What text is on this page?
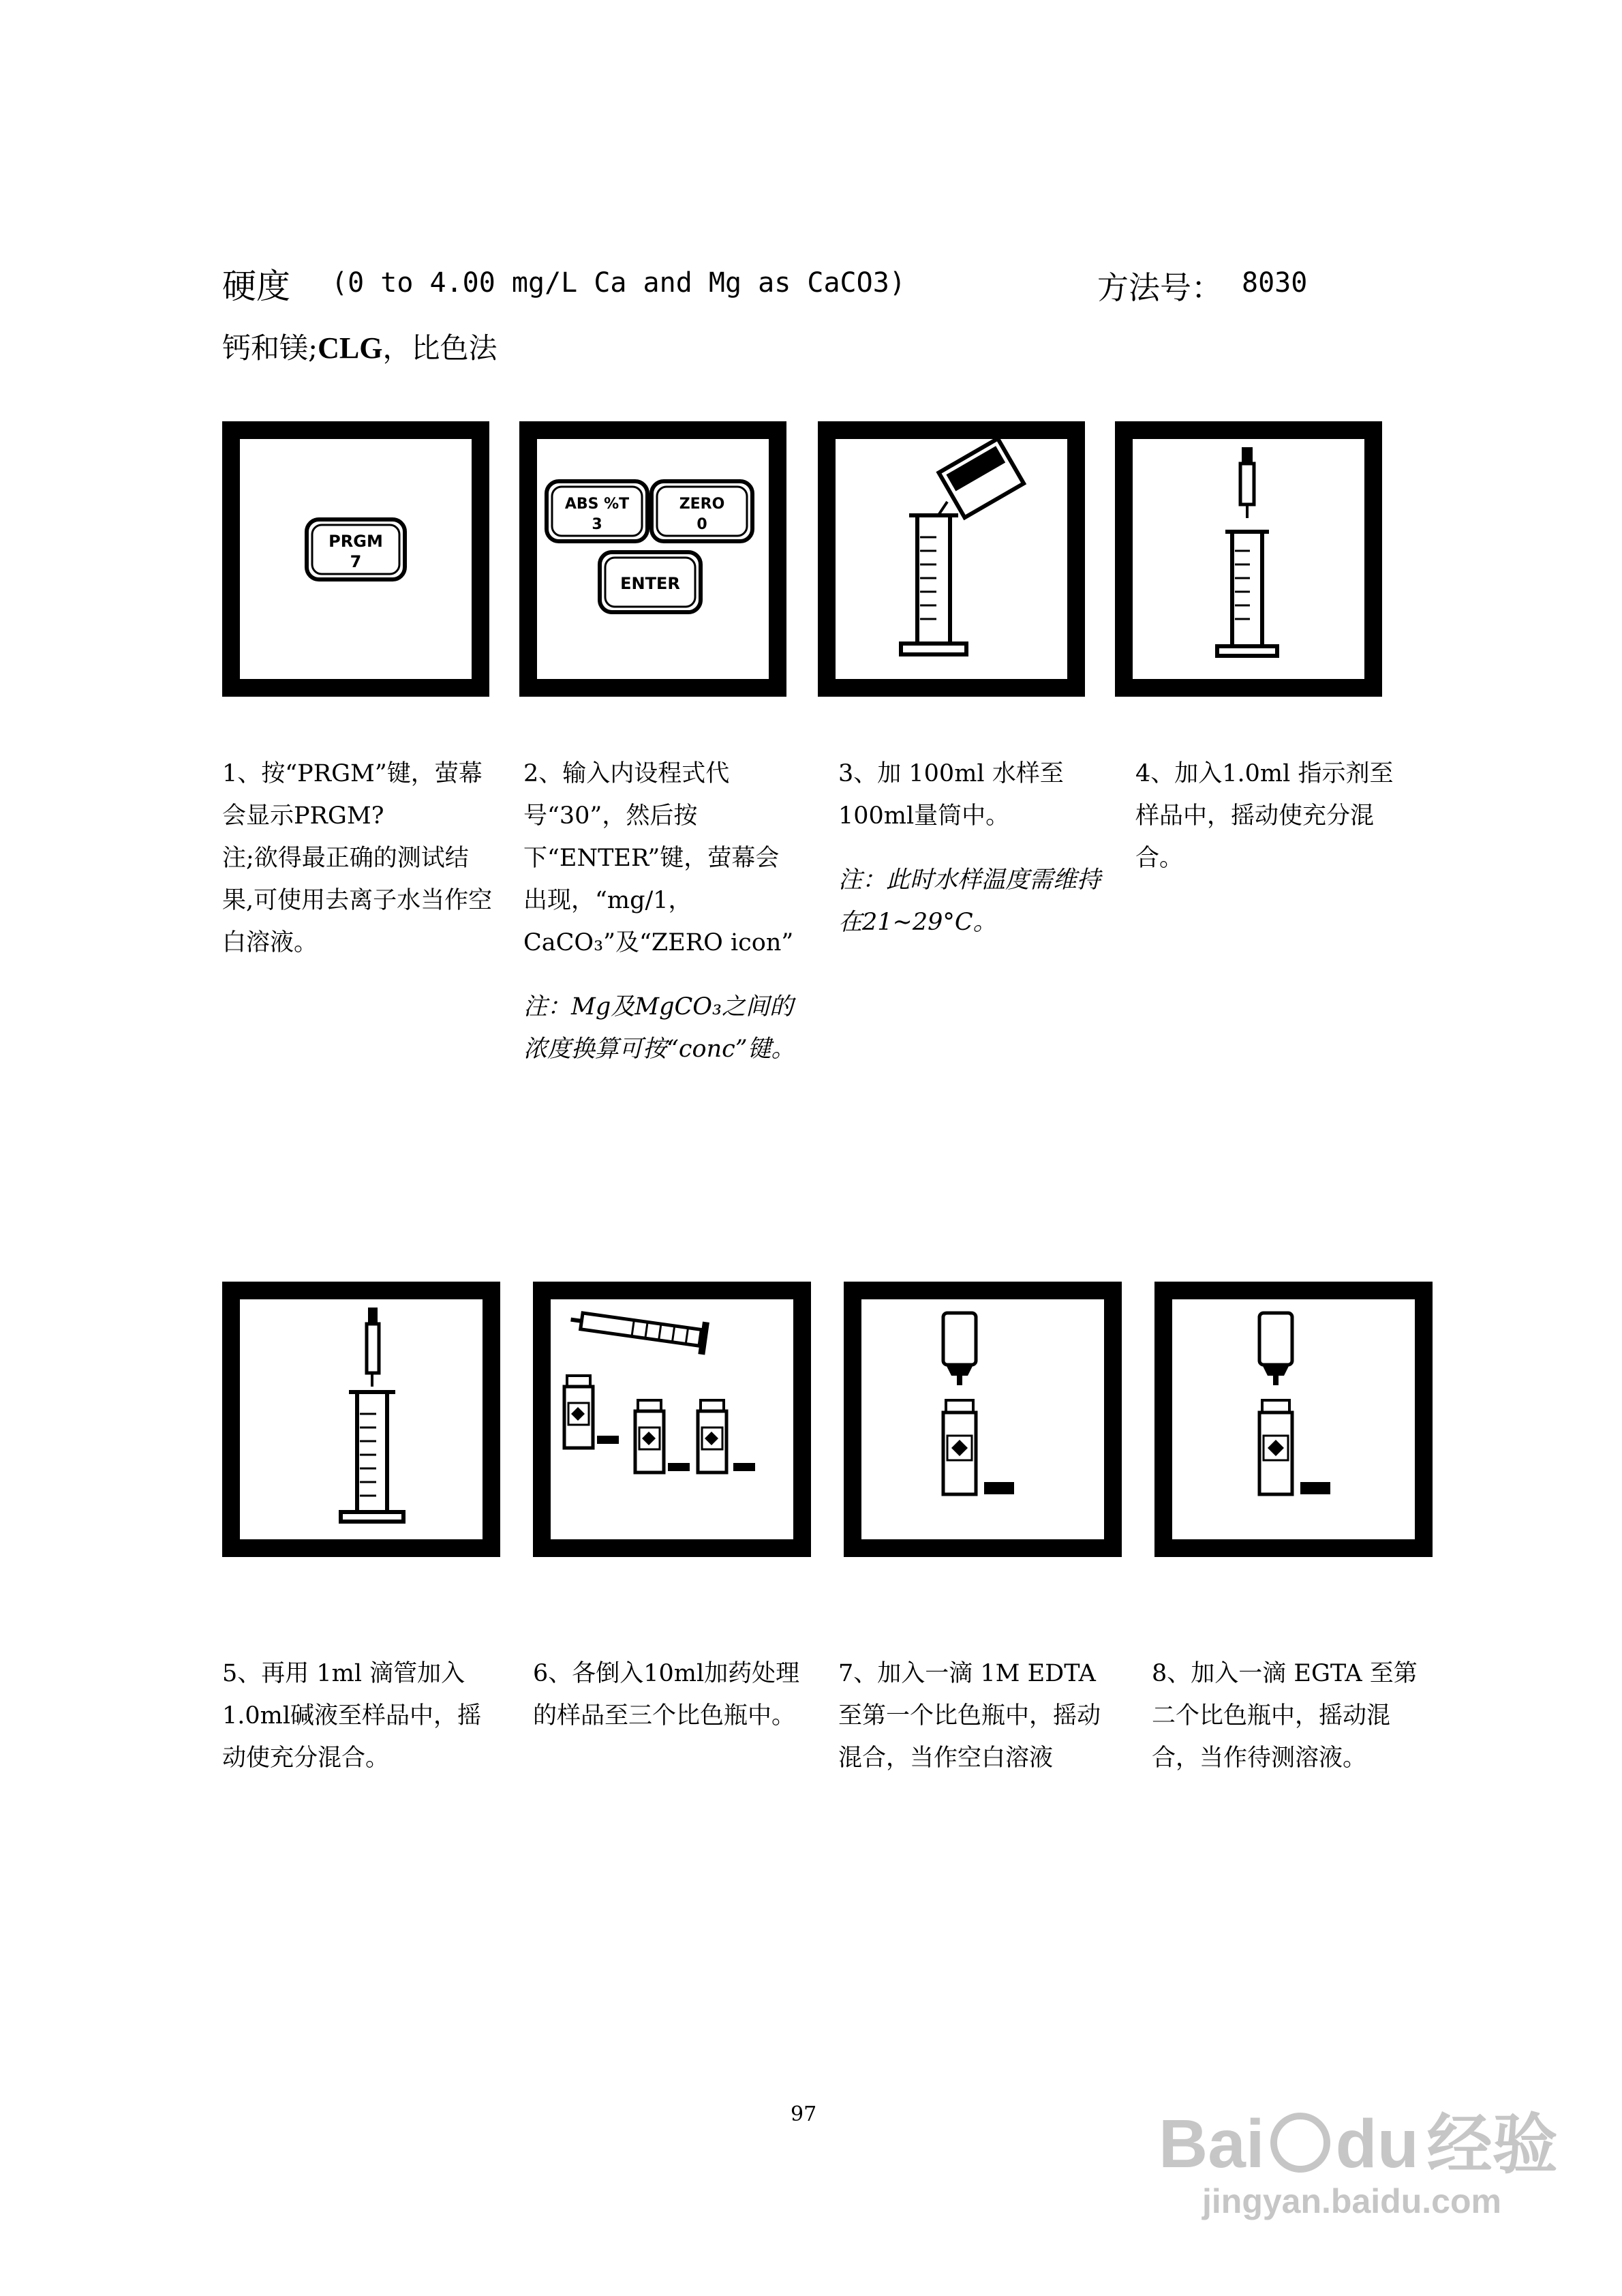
硬度	(0 to 4.00 mg/L Ca and Mg as CaCO3)	方法号： 8030
钙和镁;CLG，比色法
PRGM
7
ABS %T
3
ZERO
0
ENTER
1、按“PRGM”键，萤幕会显示PRGM?
注;欲得最正确的测试结果,可使用去离子水当作空白溶液。
2、输入内设程式代号“30”，然后按下“ENTER”键，萤幕会出现，“mg/1，CaCO₃”及“ZERO icon”
注：Mg及MgCO₃之间的浓度换算可按“conc”键。
3、加 100ml 水样至100ml量筒中。
注：此时水样温度需维持在21~29°C。
4、加入1.0ml 指示剂至样品中，摇动使充分混合。
5、再用 1ml 滴管加入1.0ml碱液至样品中，摇动使充分混合。
6、各倒入10ml加药处理的样品至三个比色瓶中。
7、加入一滴 1M EDTA 至第一个比色瓶中，摇动混合，当作空白溶液
8、加入一滴 EGTA 至第二个比色瓶中，摇动混合，当作待测溶液。
97	Bai du 经验
jingyan.baidu.com
